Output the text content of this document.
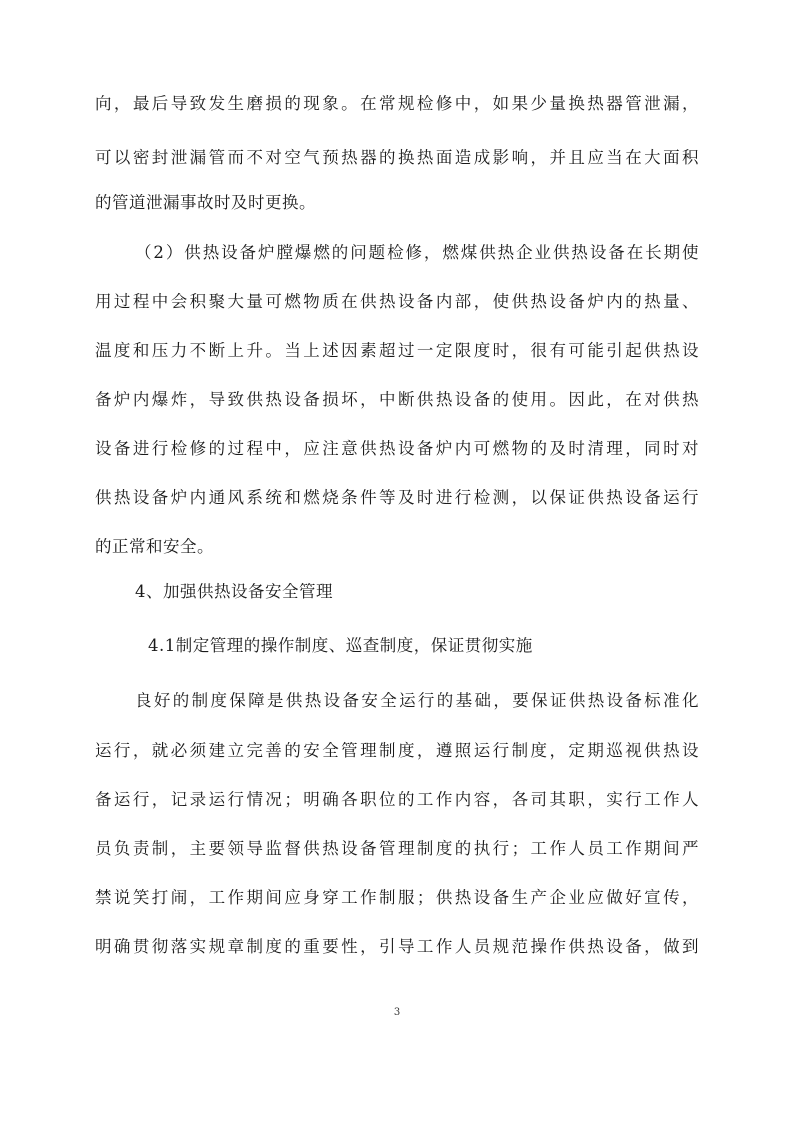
向，最后导致发生磨损的现象。在常规检修中，如果少量换热器管泄漏，
可以密封泄漏管而不对空气预热器的换热面造成影响，并且应当在大面积
的管道泄漏事故时及时更换。
（2）供热设备炉膛爆燃的问题检修，燃煤供热企业供热设备在长期使
用过程中会积聚大量可燃物质在供热设备内部，使供热设备炉内的热量、
温度和压力不断上升。当上述因素超过一定限度时，很有可能引起供热设
备炉内爆炸，导致供热设备损坏，中断供热设备的使用。因此，在对供热
设备进行检修的过程中，应注意供热设备炉内可燃物的及时清理，同时对
供热设备炉内通风系统和燃烧条件等及时进行检测，以保证供热设备运行
的正常和安全。
4、加强供热设备安全管理
4.1制定管理的操作制度、巡查制度，保证贯彻实施
良好的制度保障是供热设备安全运行的基础，要保证供热设备标准化
运行，就必须建立完善的安全管理制度，遵照运行制度，定期巡视供热设
备运行，记录运行情况；明确各职位的工作内容，各司其职，实行工作人
员负责制，主要领导监督供热设备管理制度的执行；工作人员工作期间严
禁说笑打闹，工作期间应身穿工作制服；供热设备生产企业应做好宣传，
明确贯彻落实规章制度的重要性，引导工作人员规范操作供热设备，做到
3
